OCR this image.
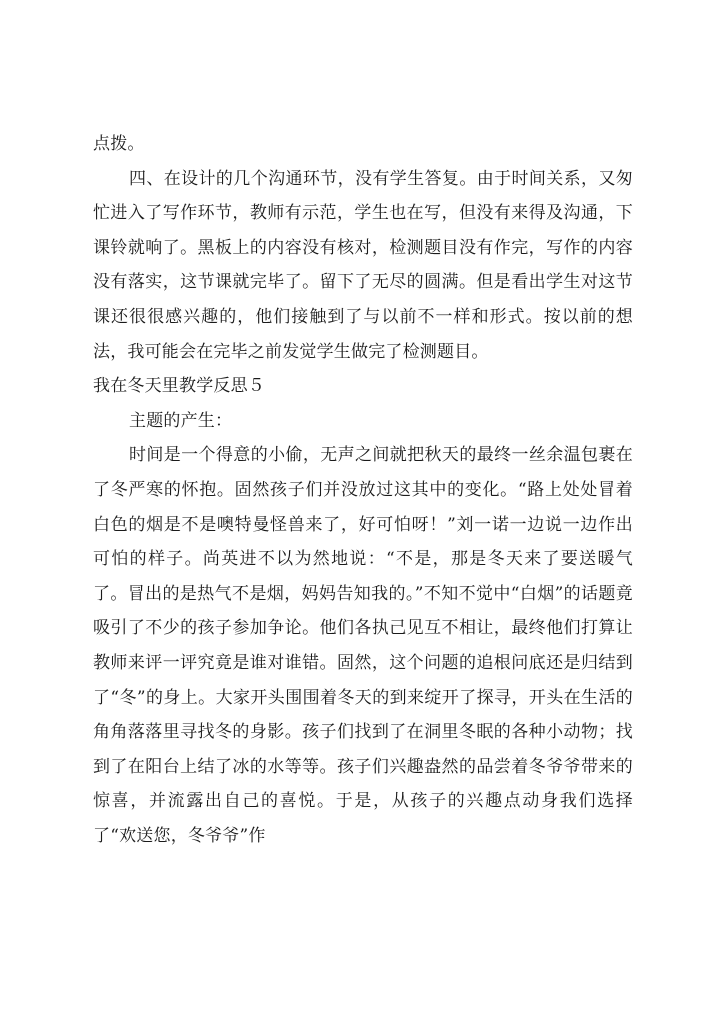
点拨。

四、在设计的几个沟通环节，没有学生答复。由于时间关系，又匆忙进入了写作环节，教师有示范，学生也在写，但没有来得及沟通，下课铃就响了。黑板上的内容没有核对，检测题目没有作完，写作的内容没有落实，这节课就完毕了。留下了无尽的圆满。但是看出学生对这节课还很很感兴趣的，他们接触到了与以前不一样和形式。按以前的想法，我可能会在完毕之前发觉学生做完了检测题目。

我在冬天里教学反思５

主题的产生：

时间是一个得意的小偷，无声之间就把秋天的最终一丝余温包裹在了冬严寒的怀抱。固然孩子们并没放过这其中的变化。“路上处处冒着白色的烟是不是噢特曼怪兽来了，好可怕呀！”刘一诺一边说一边作出可怕的样子。尚英进不以为然地说：“不是，那是冬天来了要送暖气了。冒出的是热气不是烟，妈妈告知我的。”不知不觉中“白烟”的话题竟吸引了不少的孩子参加争论。他们各执己见互不相让，最终他们打算让教师来评一评究竟是谁对谁错。固然，这个问题的追根问底还是归结到了“冬”的身上。大家开头围围着冬天的到来绽开了探寻，开头在生活的角角落落里寻找冬的身影。孩子们找到了在洞里冬眠的各种小动物；找到了在阳台上结了冰的水等等。孩子们兴趣盎然的品尝着冬爷爷带来的惊喜，并流露出自己的喜悦。于是，从孩子的兴趣点动身我们选择了“欢送您，冬爷爷”作
